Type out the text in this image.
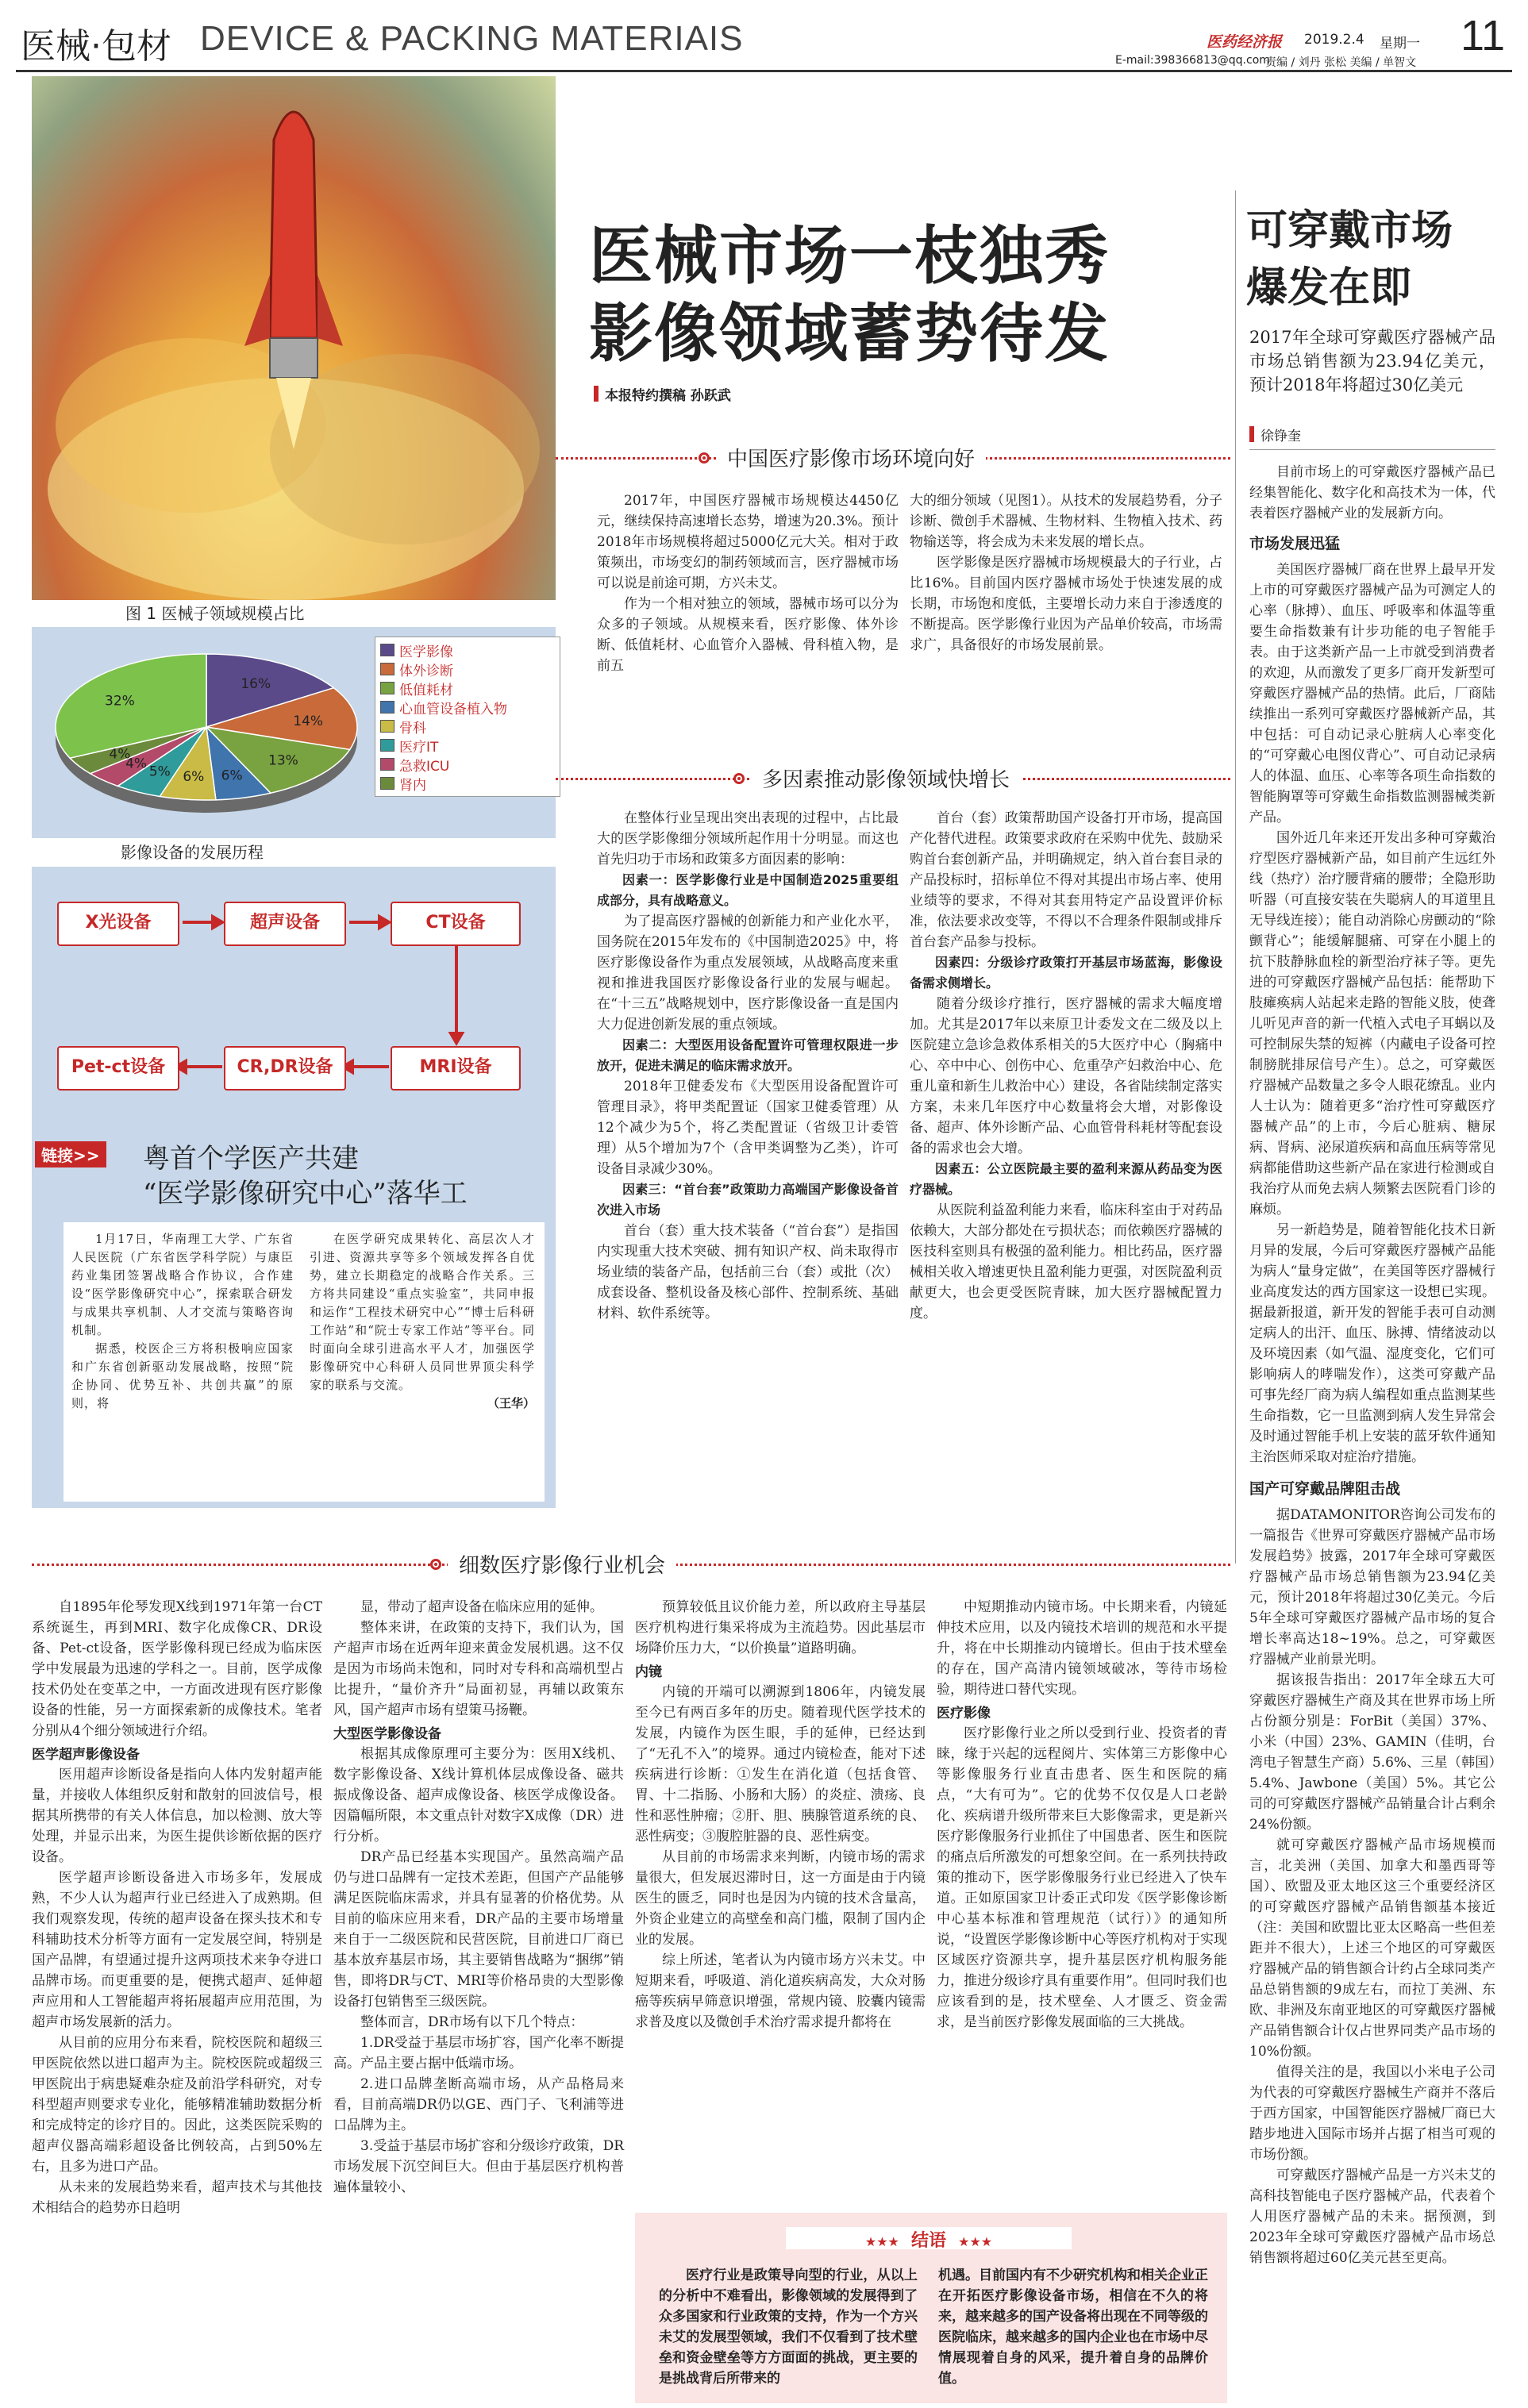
医械·包材 DEVICE & PACKING MATERIAIS	医药经济报 2019.2.4 星期一 11
E-mail:398366813@qq.com
责编 / 刘丹 张松 美编 / 单智文
图 1 医械子领域规模占比
16%
14%
13%
6%
6%
5%
4%
4%
32%
医学影像
体外诊断
低值耗材
心血管设备植入物
骨科
医疗IT
急救ICU
肾内
影像设备的发展历程
X光设备	超声设备	CT设备
MRI设备
CR,DR设备
Pet-ct设备
链接>> 粤首个学医产共建
“医学影像研究中心”落华工

1月17日，华南理工大学、广东省人民医院（广东省医学科学院）与康臣药业集团签署战略合作协议，合作建设“医学影像研究中心”，探索联合研发与成果共享机制、人才交流与策略咨询机制。

据悉，校医企三方将积极响应国家和广东省创新驱动发展战略，按照“院企协同、优势互补、共创共赢”的原则，将

在医学研究成果转化、高层次人才引进、资源共享等多个领域发挥各自优势，建立长期稳定的战略合作关系。三方将共同建设“重点实验室”，共同申报和运作“工程技术研究中心”“博士后科研工作站”和“院士专家工作站”等平台。同时面向全球引进高水平人才，加强医学影像研究中心科研人员同世界顶尖科学家的联系与交流。

（王华）

医械市场一枝独秀
影像领域蓄势待发
本报特约撰稿 孙跃武
中国医疗影像市场环境向好

2017年，中国医疗器械市场规模达4450亿元，继续保持高速增长态势，增速为20.3%。预计2018年市场规模将超过5000亿元大关。相对于政策频出，市场变幻的制药领域而言，医疗器械市场可以说是前途可期，方兴未艾。

作为一个相对独立的领域，器械市场可以分为众多的子领域。从规模来看，医疗影像、体外诊断、低值耗材、心血管介入器械、骨科植入物，是前五

大的细分领域（见图1）。从技术的发展趋势看，分子诊断、微创手术器械、生物材料、生物植入技术、药物输送等，将会成为未来发展的增长点。

医学影像是医疗器械市场规模最大的子行业，占比16%。目前国内医疗器械市场处于快速发展的成长期，市场饱和度低，主要增长动力来自于渗透度的不断提高。医学影像行业因为产品单价较高，市场需求广，具备很好的市场发展前景。

多因素推动影像领域快增长

在整体行业呈现出突出表现的过程中，占比最大的医学影像细分领域所起作用十分明显。而这也首先归功于市场和政策多方面因素的影响：

因素一：医学影像行业是中国制造2025重要组成部分，具有战略意义。

为了提高医疗器械的创新能力和产业化水平，国务院在2015年发布的《中国制造2025》中，将医疗影像设备作为重点发展领域，从战略高度来重视和推进我国医疗影像设备行业的发展与崛起。在“十三五”战略规划中，医疗影像设备一直是国内大力促进创新发展的重点领域。

因素二：大型医用设备配置许可管理权限进一步放开，促进未满足的临床需求放开。

2018年卫健委发布《大型医用设备配置许可管理目录》，将甲类配置证（国家卫健委管理）从12个减少为5个，将乙类配置证（省级卫计委管理）从5个增加为7个（含甲类调整为乙类），许可设备目录减少30%。

因素三：“首台套”政策助力高端国产影像设备首次进入市场

首台（套）重大技术装备（“首台套”）是指国内实现重大技术突破、拥有知识产权、尚未取得市场业绩的装备产品，包括前三台（套）或批（次）成套设备、整机设备及核心部件、控制系统、基础材料、软件系统等。

首台（套）政策帮助国产设备打开市场，提高国产化替代进程。政策要求政府在采购中优先、鼓励采购首台套创新产品，并明确规定，纳入首台套目录的产品投标时，招标单位不得对其提出市场占率、使用业绩等的要求，不得对其套用特定产品设置评价标准，依法要求改变等，不得以不合理条件限制或排斥首台套产品参与投标。

因素四：分级诊疗政策打开基层市场蓝海，影像设备需求侧增长。

随着分级诊疗推行，医疗器械的需求大幅度增加。尤其是2017年以来原卫计委发文在二级及以上医院建立急诊急救体系相关的5大医疗中心（胸痛中心、卒中中心、创伤中心、危重孕产妇救治中心、危重儿童和新生儿救治中心）建设，各省陆续制定落实方案，未来几年医疗中心数量将会大增，对影像设备、超声、体外诊断产品、心血管骨科耗材等配套设备的需求也会大增。

因素五：公立医院最主要的盈利来源从药品变为医疗器械。

从医院利益盈利能力来看，临床科室由于对药品依赖大，大部分都处在亏损状态；而依赖医疗器械的医技科室则具有极强的盈利能力。相比药品，医疗器械相关收入增速更快且盈利能力更强，对医院盈利贡献更大，也会更受医院青睐，加大医疗器械配置力度。

可穿戴市场
爆发在即
2017年全球可穿戴医疗器械产品市场总销售额为23.94亿美元，预计2018年将超过30亿美元
徐铮奎

目前市场上的可穿戴医疗器械产品已经集智能化、数字化和高技术为一体，代表着医疗器械产业的发展新方向。

市场发展迅猛

美国医疗器械厂商在世界上最早开发上市的可穿戴医疗器械产品为可测定人的心率（脉搏）、血压、呼吸率和体温等重要生命指数兼有计步功能的电子智能手表。由于这类新产品一上市就受到消费者的欢迎，从而激发了更多厂商开发新型可穿戴医疗器械产品的热情。此后，厂商陆续推出一系列可穿戴医疗器械新产品，其中包括：可自动记录心脏病人心率变化的“可穿戴心电图仪背心”、可自动记录病人的体温、血压、心率等各项生命指数的智能胸罩等可穿戴生命指数监测器械类新产品。

国外近几年来还开发出多种可穿戴治疗型医疗器械新产品，如目前产生远红外线（热疗）治疗腰背痛的腰带；全隐形助听器（可直接安装在失聪病人的耳道里且无导线连接）；能自动消除心房颤动的“除颤背心”；能缓解腿痛、可穿在小腿上的抗下肢静脉血栓的新型治疗袜子等。更先进的可穿戴医疗器械产品包括：能帮助下肢瘫痪病人站起来走路的智能义肢，使聋儿听见声音的新一代植入式电子耳蜗以及可控制尿失禁的短裤（内藏电子设备可控制膀胱排尿信号产生）。总之，可穿戴医疗器械产品数量之多令人眼花缭乱。业内人士认为：随着更多“治疗性可穿戴医疗器械产品”的上市，今后心脏病、糖尿病、肾病、泌尿道疾病和高血压病等常见病都能借助这些新产品在家进行检测或自我治疗从而免去病人频繁去医院看门诊的麻烦。

另一新趋势是，随着智能化技术日新月异的发展，今后可穿戴医疗器械产品能为病人“量身定做”，在美国等医疗器械行业高度发达的西方国家这一设想已实现。据最新报道，新开发的智能手表可自动测定病人的出汗、血压、脉搏、情绪波动以及环境因素（如气温、湿度变化，它们可影响病人的哮喘发作），这类可穿戴产品可事先经厂商为病人编程如重点监测某些生命指数，它一旦监测到病人发生异常会及时通过智能手机上安装的蓝牙软件通知主治医师采取对症治疗措施。

国产可穿戴品牌阻击战

据DATAMONITOR咨询公司发布的一篇报告《世界可穿戴医疗器械产品市场发展趋势》披露，2017年全球可穿戴医疗器械产品市场总销售额为23.94亿美元，预计2018年将超过30亿美元。今后5年全球可穿戴医疗器械产品市场的复合增长率高达18~19%。总之，可穿戴医疗器械产业前景光明。

据该报告指出：2017年全球五大可穿戴医疗器械生产商及其在世界市场上所占份额分别是：ForBit（美国）37%、小米（中国）23%、GAMIN（佳明，台湾电子智慧生产商）5.6%、三星（韩国）5.4%、Jawbone（美国）5%。其它公司的可穿戴医疗器械产品销量合计占剩余24%份额。

就可穿戴医疗器械产品市场规模而言，北美洲（美国、加拿大和墨西哥等国）、欧盟及亚太地区这三个重要经济区的可穿戴医疗器械产品销售额基本接近（注：美国和欧盟比亚太区略高一些但差距并不很大），上述三个地区的可穿戴医疗器械产品的销售额合计约占全球同类产品总销售额的9成左右，而拉丁美洲、东欧、非洲及东南亚地区的可穿戴医疗器械产品销售额合计仅占世界同类产品市场的10%份额。

值得关注的是，我国以小米电子公司为代表的可穿戴医疗器械生产商并不落后于西方国家，中国智能医疗器械厂商已大踏步地进入国际市场并占据了相当可观的市场份额。

可穿戴医疗器械产品是一方兴未艾的高科技智能电子医疗器械产品，代表着个人用医疗器械产品的未来。据预测，到2023年全球可穿戴医疗器械产品市场总销售额将超过60亿美元甚至更高。

细数医疗影像行业机会

自1895年伦琴发现X线到1971年第一台CT系统诞生，再到MRI、数字化成像CR、DR设备、Pet-ct设备，医学影像科现已经成为临床医学中发展最为迅速的学科之一。目前，医学成像技术仍处在变革之中，一方面改进现有医疗影像设备的性能，另一方面探索新的成像技术。笔者分别从4个细分领域进行介绍。

医学超声影像设备

医用超声诊断设备是指向人体内发射超声能量，并接收人体组织反射和散射的回波信号，根据其所携带的有关人体信息，加以检测、放大等处理，并显示出来，为医生提供诊断依据的医疗设备。

医学超声诊断设备进入市场多年，发展成熟，不少人认为超声行业已经进入了成熟期。但我们观察发现，传统的超声设备在探头技术和专科辅助技术分析等方面有一定发展空间，特别是国产品牌，有望通过提升这两项技术来争夺进口品牌市场。而更重要的是，便携式超声、延伸超声应用和人工智能超声将拓展超声应用范围，为超声市场发展新的活力。

从目前的应用分布来看，院校医院和超级三甲医院依然以进口超声为主。院校医院或超级三甲医院出于病患疑难杂症及前沿学科研究，对专科型超声则要求专业化，能够精准辅助数据分析和完成特定的诊疗目的。因此，这类医院采购的超声仪器高端彩超设备比例较高，占到50%左右，且多为进口产品。

从未来的发展趋势来看，超声技术与其他技术相结合的趋势亦日趋明

显，带动了超声设备在临床应用的延伸。

整体来讲，在政策的支持下，我们认为，国产超声市场在近两年迎来黄金发展机遇。这不仅是因为市场尚未饱和，同时对专科和高端机型占比提升，“量价齐升”局面初显，再辅以政策东风，国产超声市场有望策马扬鞭。

大型医学影像设备

根据其成像原理可主要分为：医用X线机、数字影像设备、X线计算机体层成像设备、磁共振成像设备、超声成像设备、核医学成像设备。因篇幅所限，本文重点针对数字X成像（DR）进行分析。

DR产品已经基本实现国产。虽然高端产品仍与进口品牌有一定技术差距，但国产产品能够满足医院临床需求，并具有显著的价格优势。从目前的临床应用来看，DR产品的主要市场增量来自于一二级医院和民营医院，目前进口厂商已基本放弃基层市场，其主要销售战略为“捆绑”销售，即将DR与CT、MRI等价格昂贵的大型影像设备打包销售至三级医院。

整体而言，DR市场有以下几个特点：

1.DR受益于基层市场扩容，国产化率不断提高。产品主要占据中低端市场。

2.进口品牌垄断高端市场，从产品格局来看，目前高端DR仍以GE、西门子、飞利浦等进口品牌为主。

3.受益于基层市场扩容和分级诊疗政策，DR市场发展下沉空间巨大。但由于基层医疗机构普遍体量较小、

预算较低且议价能力差，所以政府主导基层医疗机构进行集采将成为主流趋势。因此基层市场降价压力大，“以价换量”道路明确。

内镜

内镜的开端可以溯源到1806年，内镜发展至今已有两百多年的历史。随着现代医学技术的发展，内镜作为医生眼，手的延伸，已经达到了“无孔不入”的境界。通过内镜检查，能对下述疾病进行诊断：①发生在消化道（包括食管、胃、十二指肠、小肠和大肠）的炎症、溃疡、良性和恶性肿瘤；②肝、胆、胰腺管道系统的良、恶性病变；③腹腔脏器的良、恶性病变。

从目前的市场需求来判断，内镜市场的需求量很大，但发展迟滞时日，这一方面是由于内镜医生的匮乏，同时也是因为内镜的技术含量高，外资企业建立的高壁垒和高门槛，限制了国内企业的发展。

综上所述，笔者认为内镜市场方兴未艾。中短期来看，呼吸道、消化道疾病高发，大众对肠癌等疾病早筛意识增强，常规内镜、胶囊内镜需求普及度以及微创手术治疗需求提升都将在

中短期推动内镜市场。中长期来看，内镜延伸技术应用，以及内镜技术培训的规范和水平提升，将在中长期推动内镜增长。但由于技术壁垒的存在，国产高清内镜领域破冰，等待市场检验，期待进口替代实现。

医疗影像

医疗影像行业之所以受到行业、投资者的青睐，缘于兴起的远程阅片、实体第三方影像中心等影像服务行业直击患者、医生和医院的痛点，“大有可为”。它的优势不仅仅是人口老龄化、疾病谱升级所带来巨大影像需求，更是新兴医疗影像服务行业抓住了中国患者、医生和医院的痛点后所激发的可想象空间。在一系列扶持政策的推动下，医学影像服务行业已经进入了快车道。正如原国家卫计委正式印发《医学影像诊断中心基本标准和管理规范（试行）》的通知所说，“设置医学影像诊断中心等医疗机构对于实现区域医疗资源共享，提升基层医疗机构服务能力，推进分级诊疗具有重要作用”。但同时我们也应该看到的是，技术壁垒、人才匮乏、资金需求，是当前医疗影像发展面临的三大挑战。

★★★ 结语 ★★★
医疗行业是政策导向型的行业，从以上的分析中不难看出，影像领域的发展得到了众多国家和行业政策的支持，作为一个方兴未艾的发展型领域，我们不仅看到了技术壁垒和资金壁垒等方方面面的挑战，更主要的是挑战背后所带来的
机遇。目前国内有不少研究机构和相关企业正在开拓医疗影像设备市场，相信在不久的将来，越来越多的国产设备将出现在不同等级的医院临床，越来越多的国内企业也在市场中尽情展现着自身的风采，提升着自身的品牌价值。
